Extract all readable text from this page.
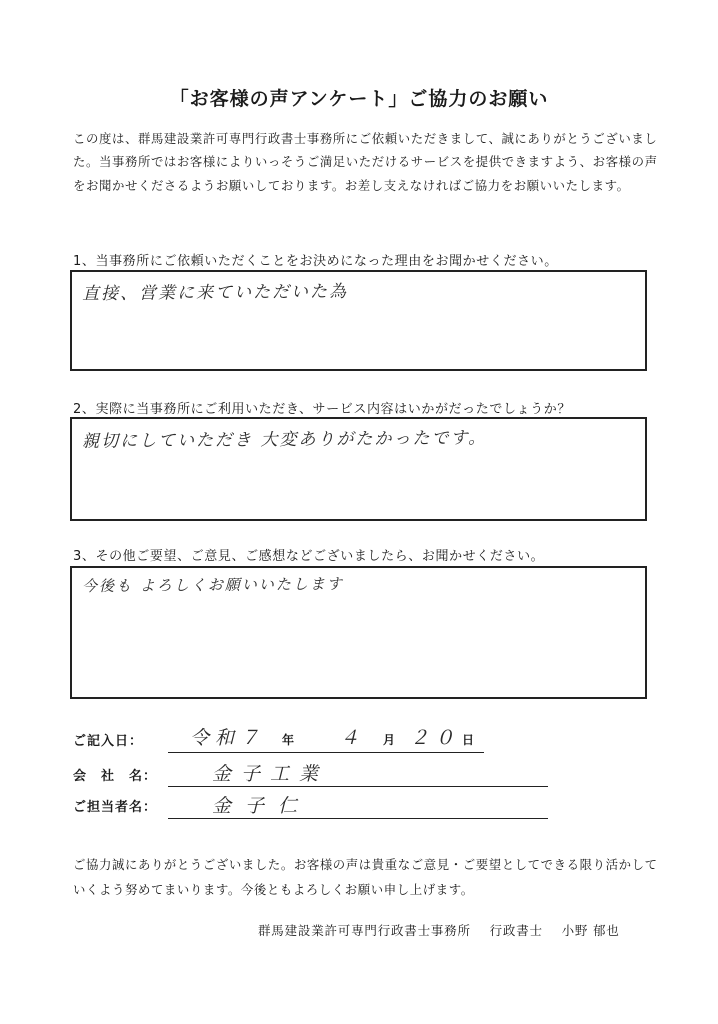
「お客様の声アンケート」ご協力のお願い
この度は、群馬建設業許可専門行政書士事務所にご依頼いただきまして、誠にありがとうございました。当事務所ではお客様によりいっそうご満足いただけるサービスを提供できますよう、お客様の声をお聞かせくださるようお願いしております。お差し支えなければご協力をお願いいたします。
1、当事務所にご依頼いただくことをお決めになった理由をお聞かせください。
直接、営業に来ていただいた為
2、実際に当事務所にご利用いただき、サービス内容はいかがだったでしょうか？
親切にしていただき 大変ありがたかったです。
3、その他ご要望、ご意見、ご感想などございましたら、お聞かせください。
今後も よろしくお願いいたします
ご記入日： 令和７ 年 ４ 月 ２０ 日
会　社　名：	金子工業
ご担当者名：	金子仁
ご協力誠にありがとうございました。お客様の声は貴重なご意見・ご要望としてできる限り活かしていくよう努めてまいります。今後ともよろしくお願い申し上げます。
群馬建設業許可専門行政書士事務所 行政書士 小野 郁也
